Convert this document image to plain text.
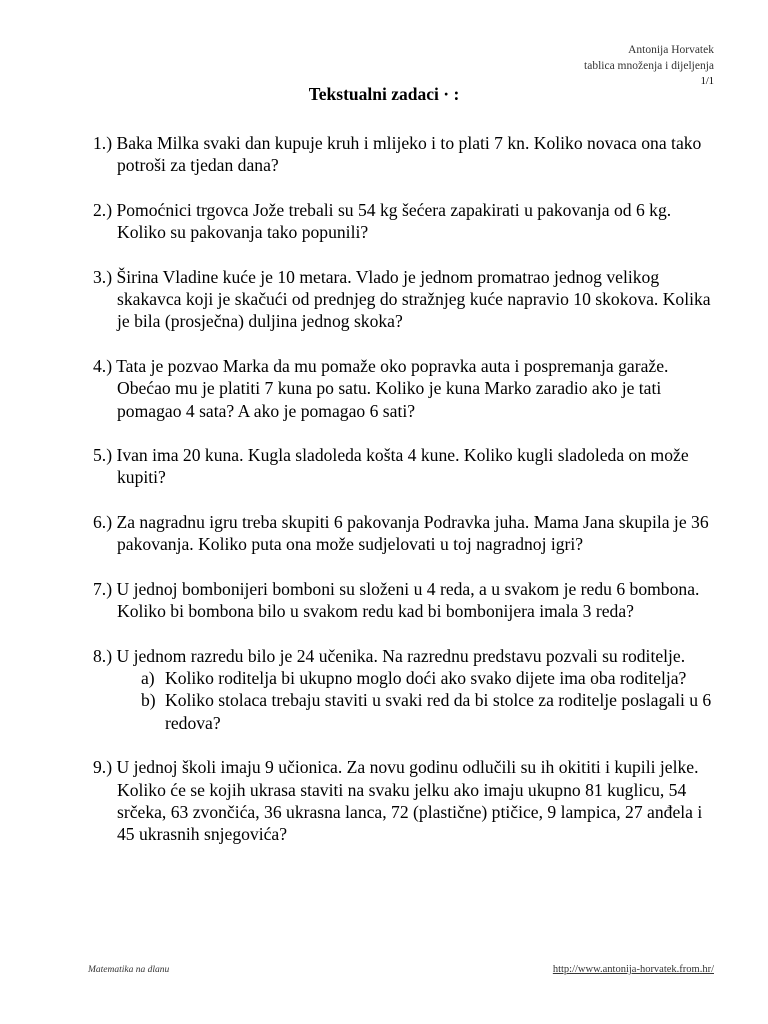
Antonija Horvatek
tablica množenja i dijeljenja
1/1
Tekstualni zadaci · :
1.) Baka Milka svaki dan kupuje kruh i mlijeko i to plati 7 kn. Koliko novaca ona tako potroši za tjedan dana?
2.) Pomoćnici trgovca Jože trebali su 54 kg šećera zapakirati u pakovanja od 6 kg. Koliko su pakovanja tako popunili?
3.) Širina Vladine kuće je 10 metara. Vlado je jednom promatrao jednog velikog skakavca koji je skačući od prednjeg do stražnjeg kuće napravio 10 skokova. Kolika je bila (prosječna) duljina jednog skoka?
4.) Tata je pozvao Marka da mu pomaže oko popravka auta i pospremanja garaže. Obećao mu je platiti 7 kuna po satu. Koliko je kuna Marko zaradio ako je tati pomagao 4 sata? A ako je pomagao 6 sati?
5.) Ivan ima 20 kuna. Kugla sladoleda košta 4 kune. Koliko kugli sladoleda on može kupiti?
6.) Za nagradnu igru treba skupiti 6 pakovanja Podravka juha. Mama Jana skupila je 36 pakovanja. Koliko puta ona može sudjelovati u toj nagradnoj igri?
7.) U jednoj bombonijeri bomboni su složeni u 4 reda, a u svakom je redu 6 bombona. Koliko bi bombona bilo u svakom redu kad bi bombonijera imala 3 reda?
8.) U jednom razredu bilo je 24 učenika. Na razrednu predstavu pozvali su roditelje.
a) Koliko roditelja bi ukupno moglo doći ako svako dijete ima oba roditelja?
b) Koliko stolaca trebaju staviti u svaki red da bi stolce za roditelje poslagali u 6 redova?
9.) U jednoj školi imaju 9 učionica. Za novu godinu odlučili su ih okititi i kupili jelke. Koliko će se kojih ukrasa staviti na svaku jelku ako imaju ukupno 81 kuglicu, 54 srčeka, 63 zvončića, 36 ukrasna lanca, 72 (plastične) ptičice, 9 lampica, 27 anđela i 45 ukrasnih snjegovića?
Matematika na dlanu	http://www.antonija-horvatek.from.hr/
